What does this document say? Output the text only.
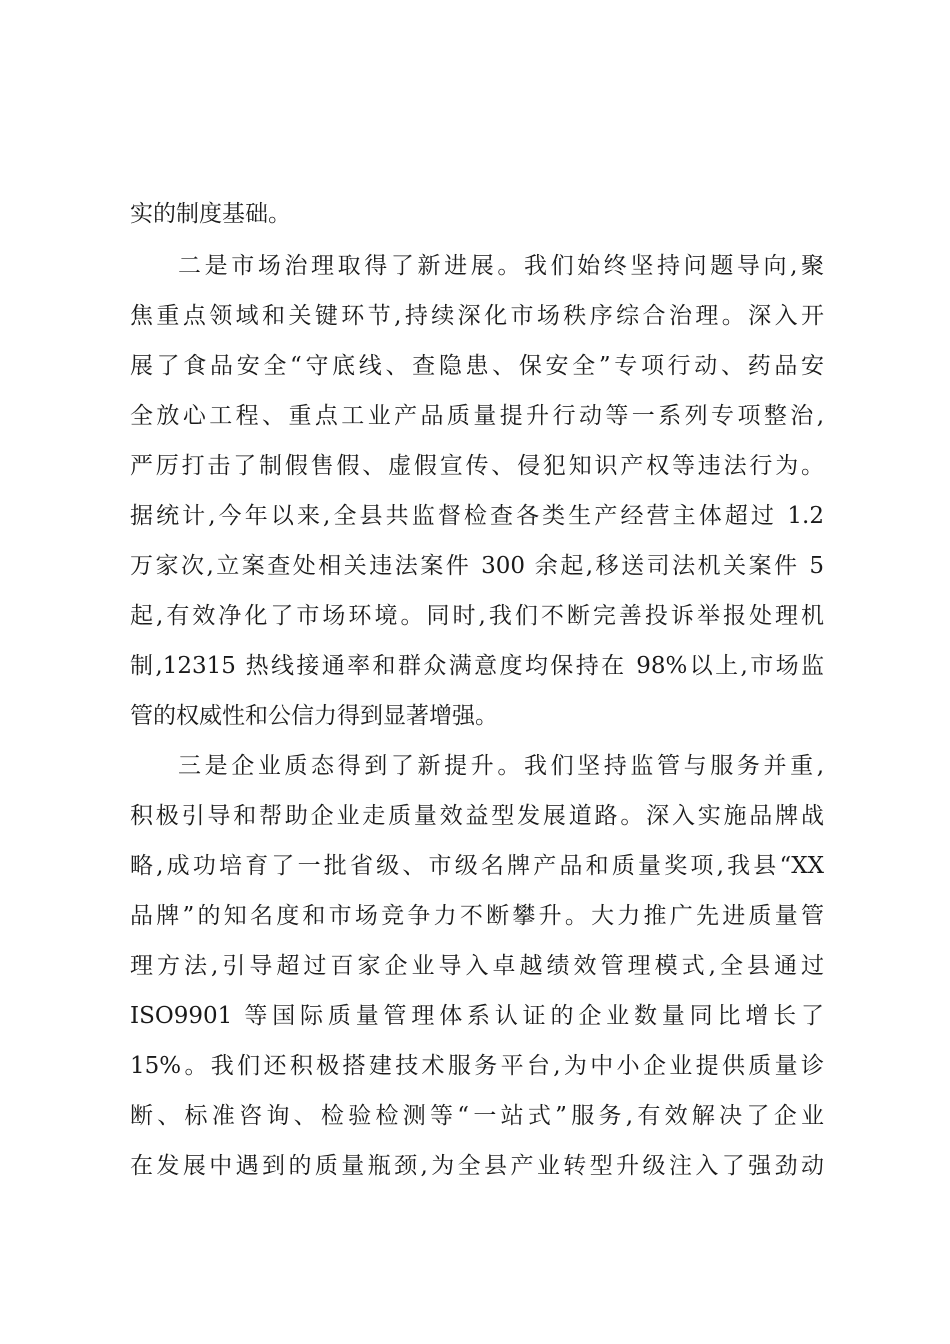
实的制度基础。
二是市场治理取得了新进展。我们始终坚持问题导向,聚
焦重点领域和关键环节,持续深化市场秩序综合治理。深入开
展了食品安全“守底线、查隐患、保安全”专项行动、药品安
全放心工程、重点工业产品质量提升行动等一系列专项整治,
严厉打击了制假售假、虚假宣传、侵犯知识产权等违法行为。
据统计,今年以来,全县共监督检查各类生产经营主体超过 1.2
万家次,立案查处相关违法案件 300 余起,移送司法机关案件 5
起,有效净化了市场环境。同时,我们不断完善投诉举报处理机
制,12315 热线接通率和群众满意度均保持在 98%以上,市场监
管的权威性和公信力得到显著增强。
三是企业质态得到了新提升。我们坚持监管与服务并重,
积极引导和帮助企业走质量效益型发展道路。深入实施品牌战
略,成功培育了一批省级、市级名牌产品和质量奖项,我县“XX
品牌”的知名度和市场竞争力不断攀升。大力推广先进质量管
理方法,引导超过百家企业导入卓越绩效管理模式,全县通过
ISO9901 等国际质量管理体系认证的企业数量同比增长了
15%。我们还积极搭建技术服务平台,为中小企业提供质量诊
断、标准咨询、检验检测等“一站式”服务,有效解决了企业
在发展中遇到的质量瓶颈,为全县产业转型升级注入了强劲动
